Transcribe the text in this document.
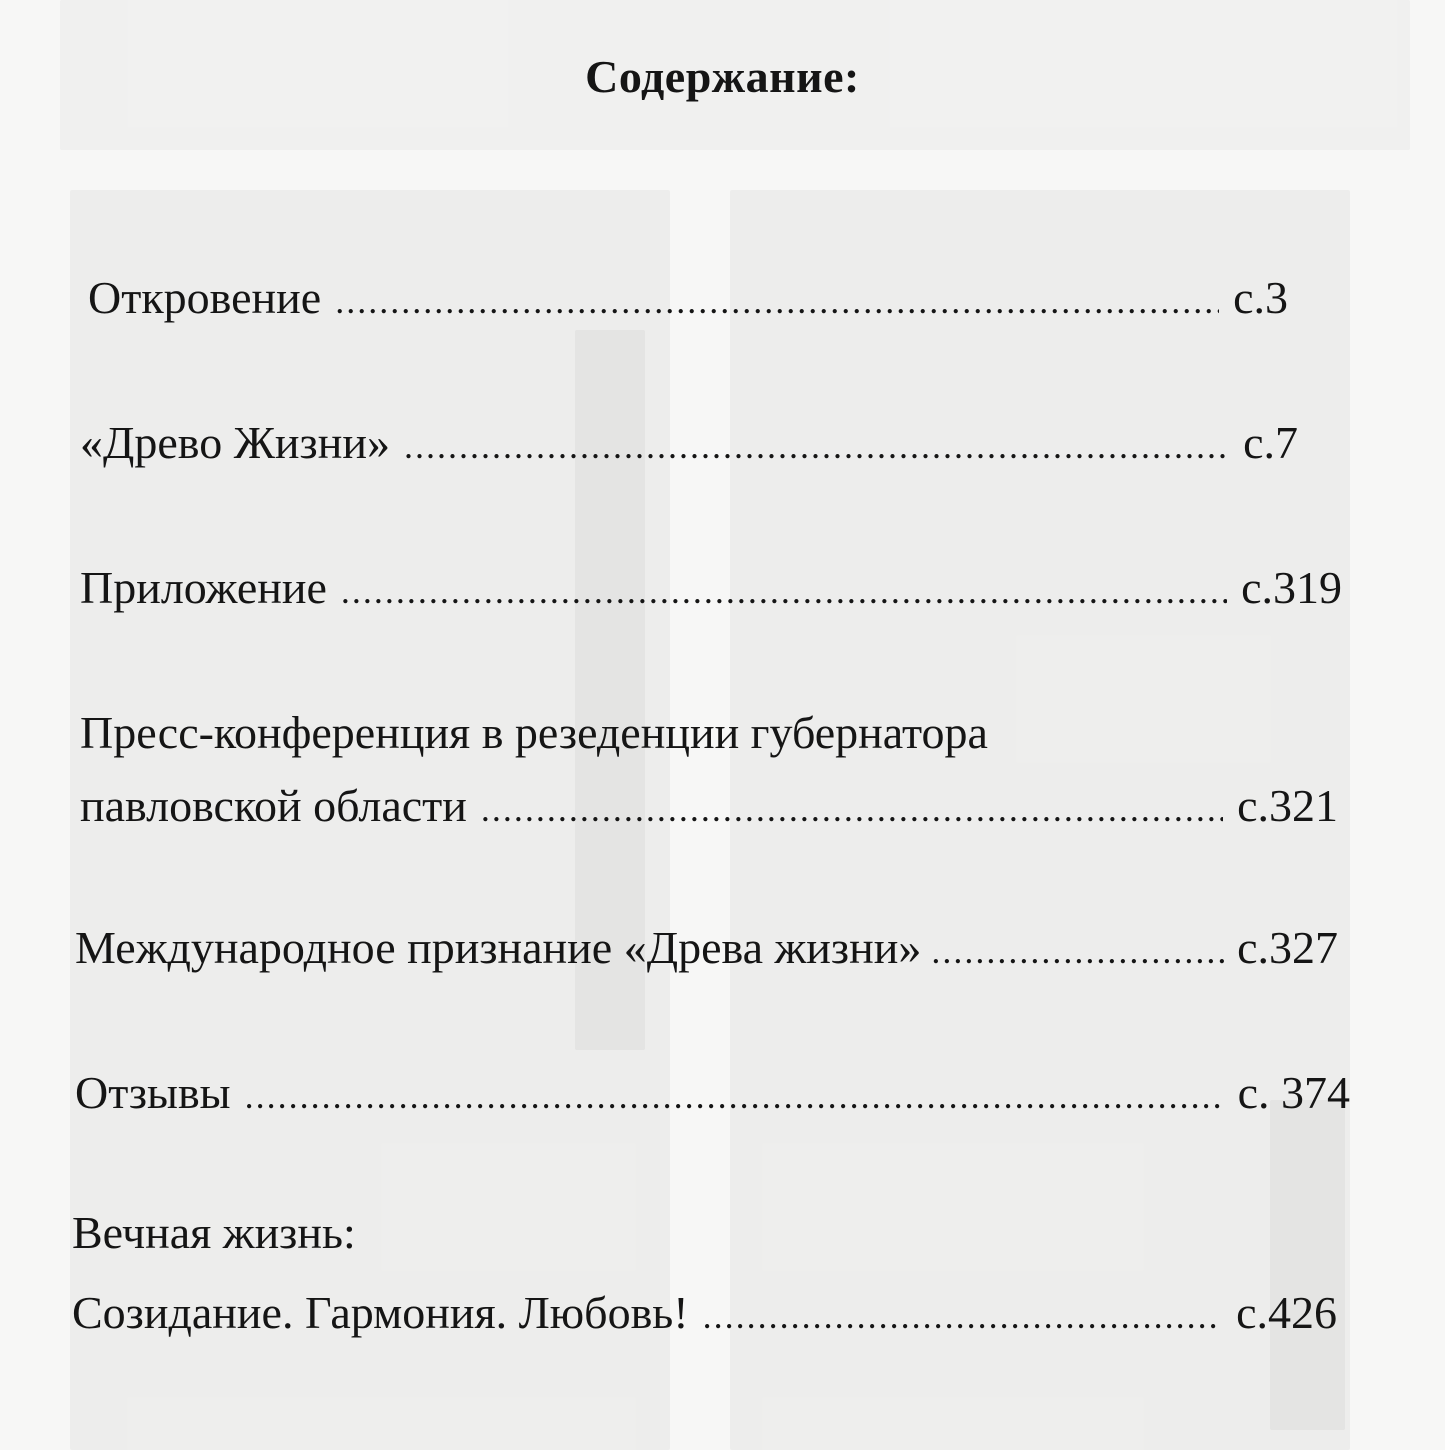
Содержание:
Откровение .....	с.3
«Древо Жизни» .....	с.7
Приложение .....	с.319
Пресс-конференция в резеденции губернатора
павловской области .....	с.321
Международное признание «Древа жизни» .....	с.327
Отзывы .....	с. 374
Вечная жизнь:
Созидание. Гармония. Любовь! .....	с.426
